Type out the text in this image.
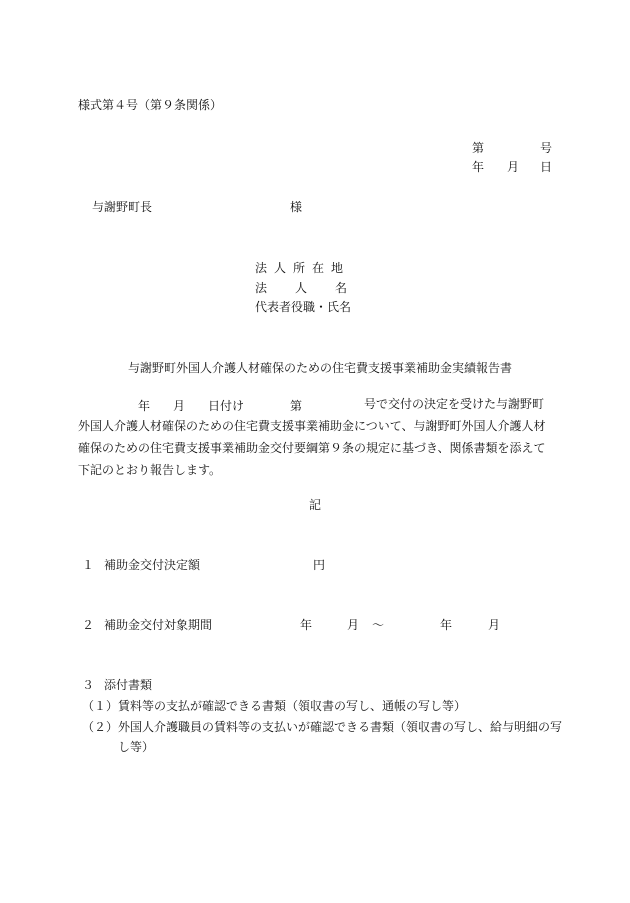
様式第４号（第９条関係）
第	号
年 月 日
与謝野町長	様
法人所在地
法 人 名
代表者役職・氏名
与謝野町外国人介護人材確保のための住宅費支援事業補助金実績報告書
年 月 日付け	第	号で交付の決定を受けた与謝野町外国人介護人材確保のための住宅費支援事業補助金について、与謝野町外国人介護人材確保のための住宅費支援事業補助金交付要綱第９条の規定に基づき、関係書類を添えて下記のとおり報告します。
記
１ 補助金交付決定額	円
２ 補助金交付対象期間	年	月 ～	年	月
３ 添付書類
（１） 賃料等の支払が確認できる書類（領収書の写し、通帳の写し等）
（２） 外国人介護職員の賃料等の支払いが確認できる書類（領収書の写し、給与明細の写
し等）
